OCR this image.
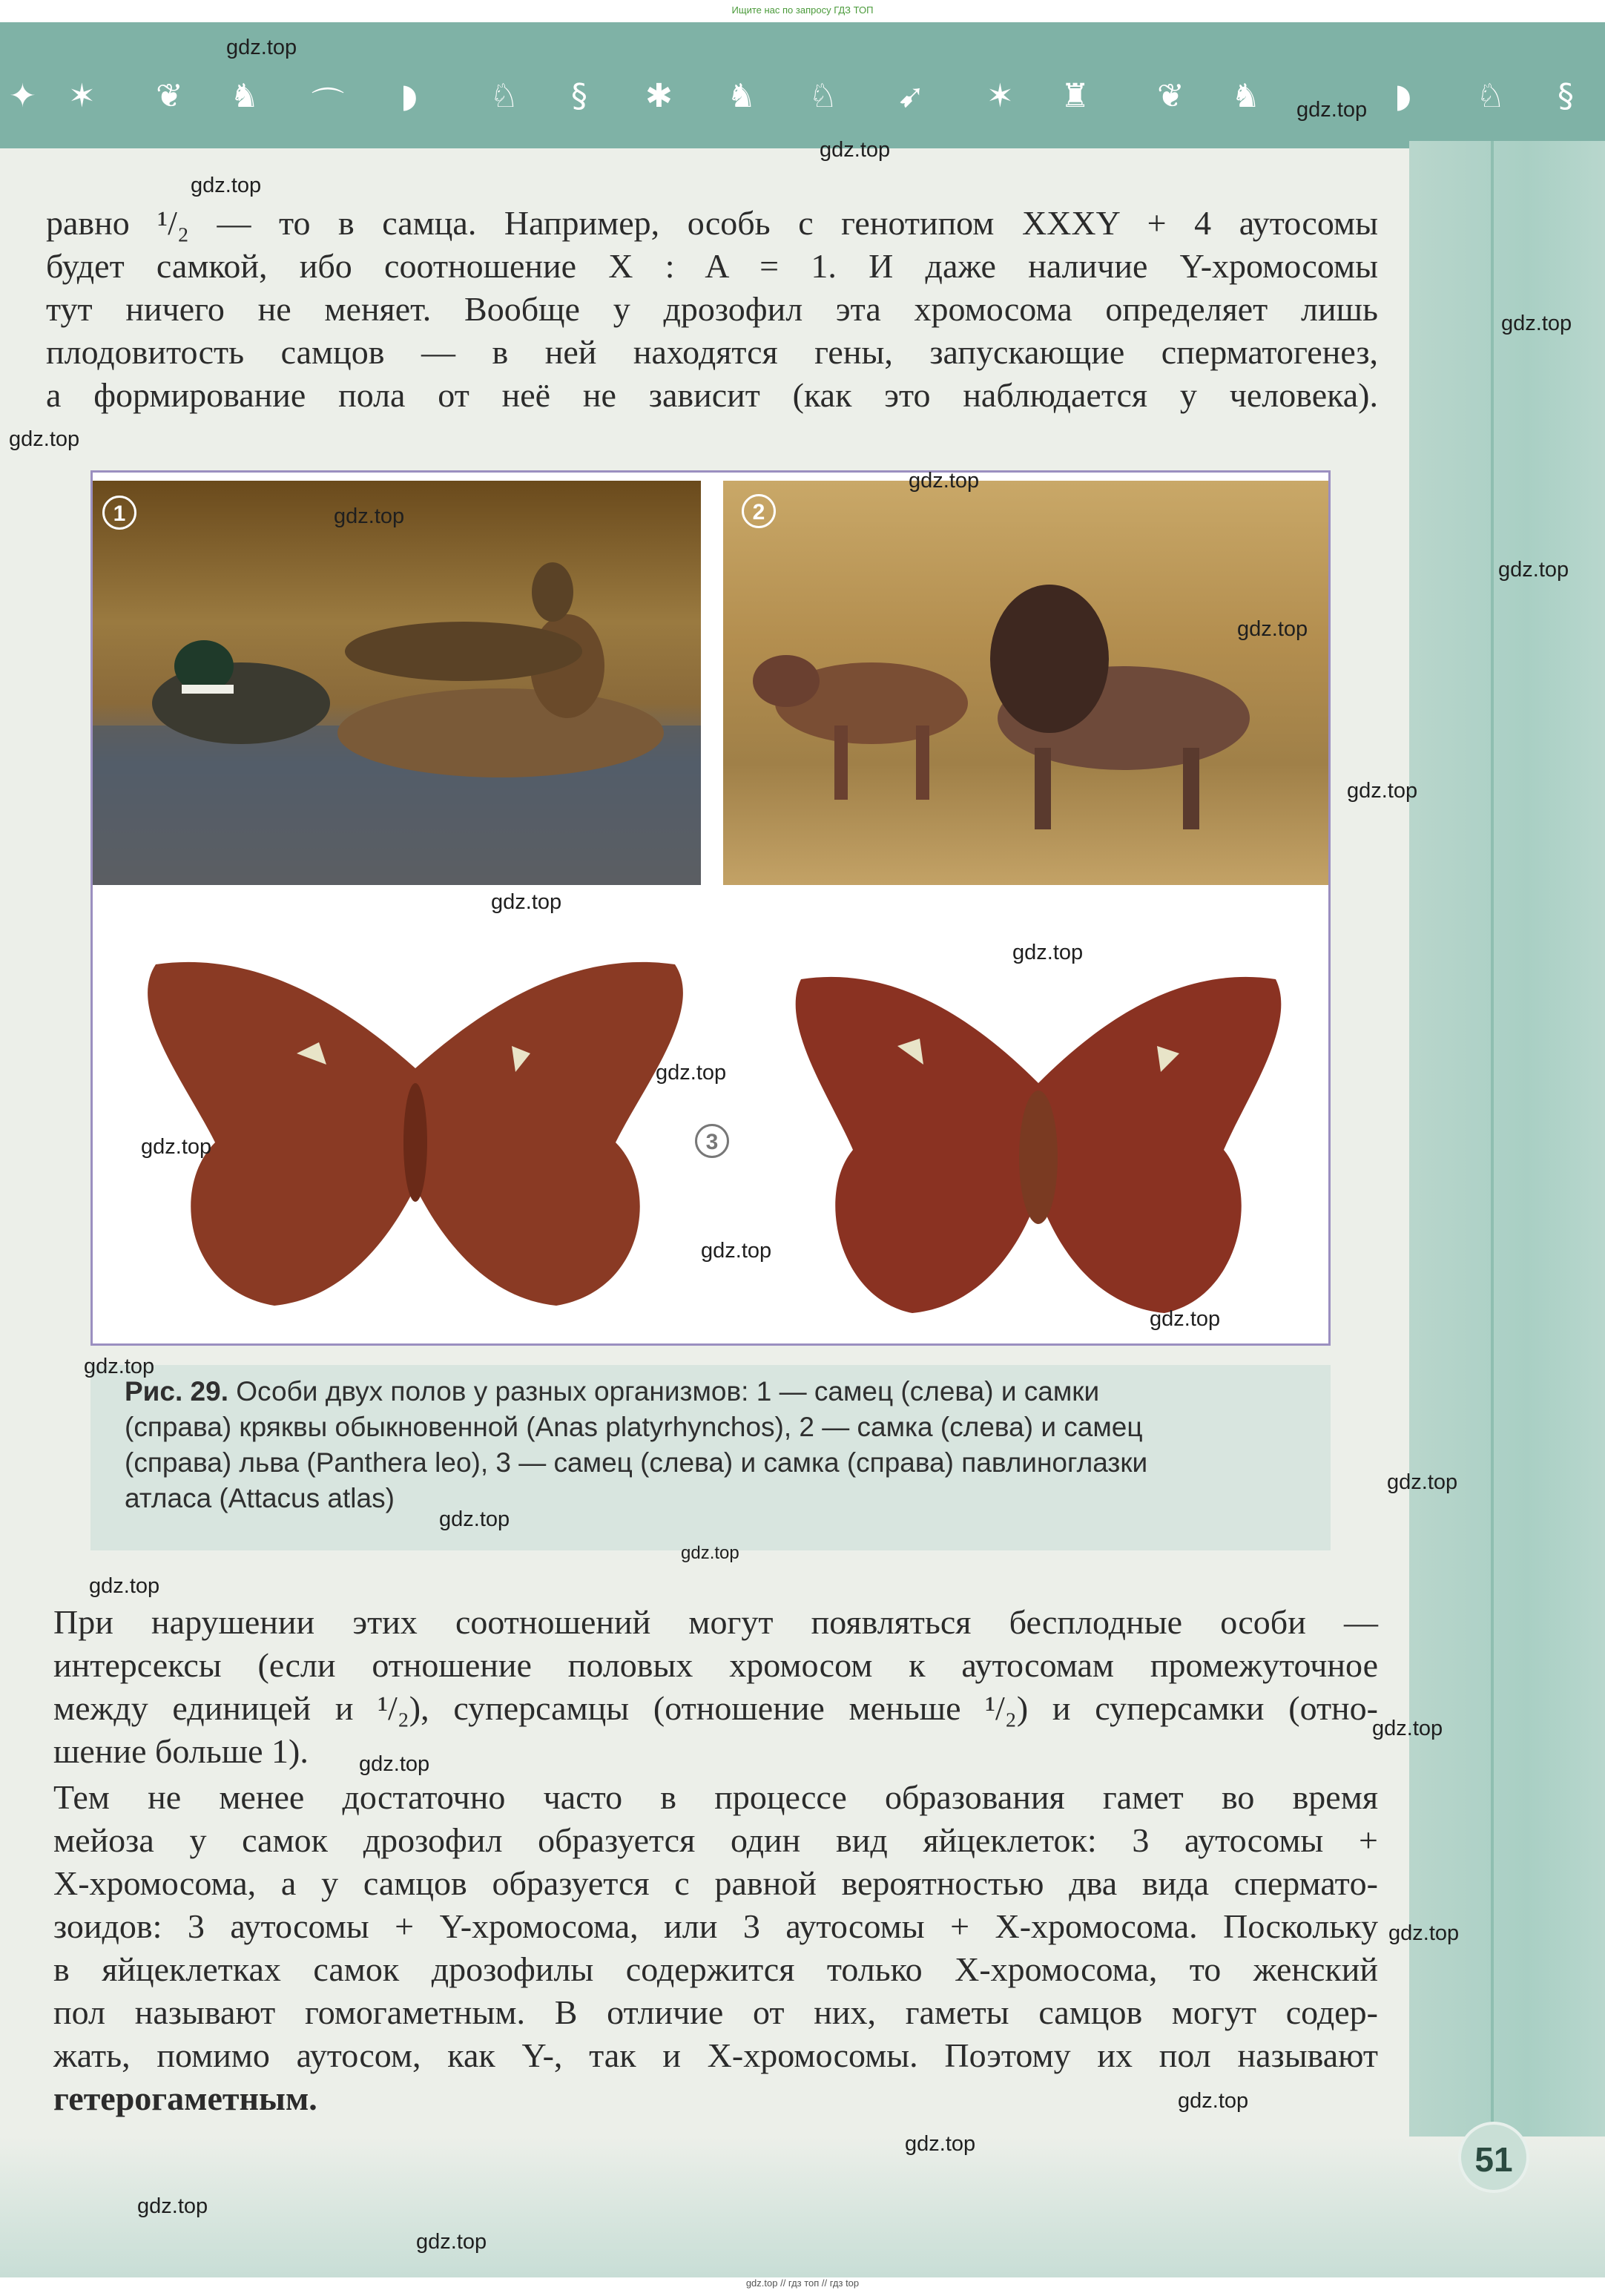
Ищите нас по запросу ГДЗ ТОП
✦ ✶ ❦ ♞ ⌒ ◗ ♘ § ✱ ♞ ♘ ➹ ✶ ♜ ❦ ♞	◗ ♘ §

равно ¹/₂ — то в самца. Например, особь с генотипом XXXY + 4 аутосомы

будет самкой, ибо соотношение X : A = 1. И даже наличие Y-хромосомы

тут ничего не меняет. Вообще у дрозофил эта хромосома определяет лишь

плодовитость самцов — в ней находятся гены, запускающие сперматогенез,

а формирование пола от неё не зависит (как это наблюдается у человека).

1	2
3
Рис. 29. Особи двух полов у разных организмов: 1 — самец (слева) и самки
(справа) кряквы обыкновенной (Anas platyrhynchos), 2 — самка (слева) и самец
(справа) льва (Panthera leo), 3 — самец (слева) и самка (справа) павлиноглазки
атласа (Attacus atlas)

При нарушении этих соотношений могут появляться бесплодные особи —

интерсексы (если отношение половых хромосом к аутосомам промежуточное

между единицей и ¹/₂), суперсамцы (отношение меньше ¹/₂) и суперсамки (отно-

шение больше 1).

Тем не менее достаточно часто в процессе образования гамет во время

мейоза у самок дрозофил образуется один вид яйцеклеток: 3 аутосомы +

X-хромосома, а у самцов образуется с равной вероятностью два вида сперматo-

зоидов: 3 аутосомы + Y-хромосома, или 3 аутосомы + X-хромосома. Поскольку

в яйцеклетках самок дрозофилы содержится только X-хромосома, то женский

пол называют гомогаметным. В отличие от них, гаметы самцов могут содер-

жать, помимо аутосом, как Y-, так и X-хромосомы. Поэтому их пол называют

гетерогаметным.

51
gdz.top
gdz.top
gdz.top
gdz.top
gdz.top
gdz.top
gdz.top
gdz.top
gdz.top
gdz.top
gdz.top
gdz.top
gdz.top
gdz.top
gdz.top
gdz.top
gdz.top
gdz.top
gdz.top
gdz.top
gdz.top
gdz.top
gdz.top
gdz.top
gdz.top
gdz.top
gdz.top
gdz.top
gdz.top
gdz.top // гдз топ // гдз top
